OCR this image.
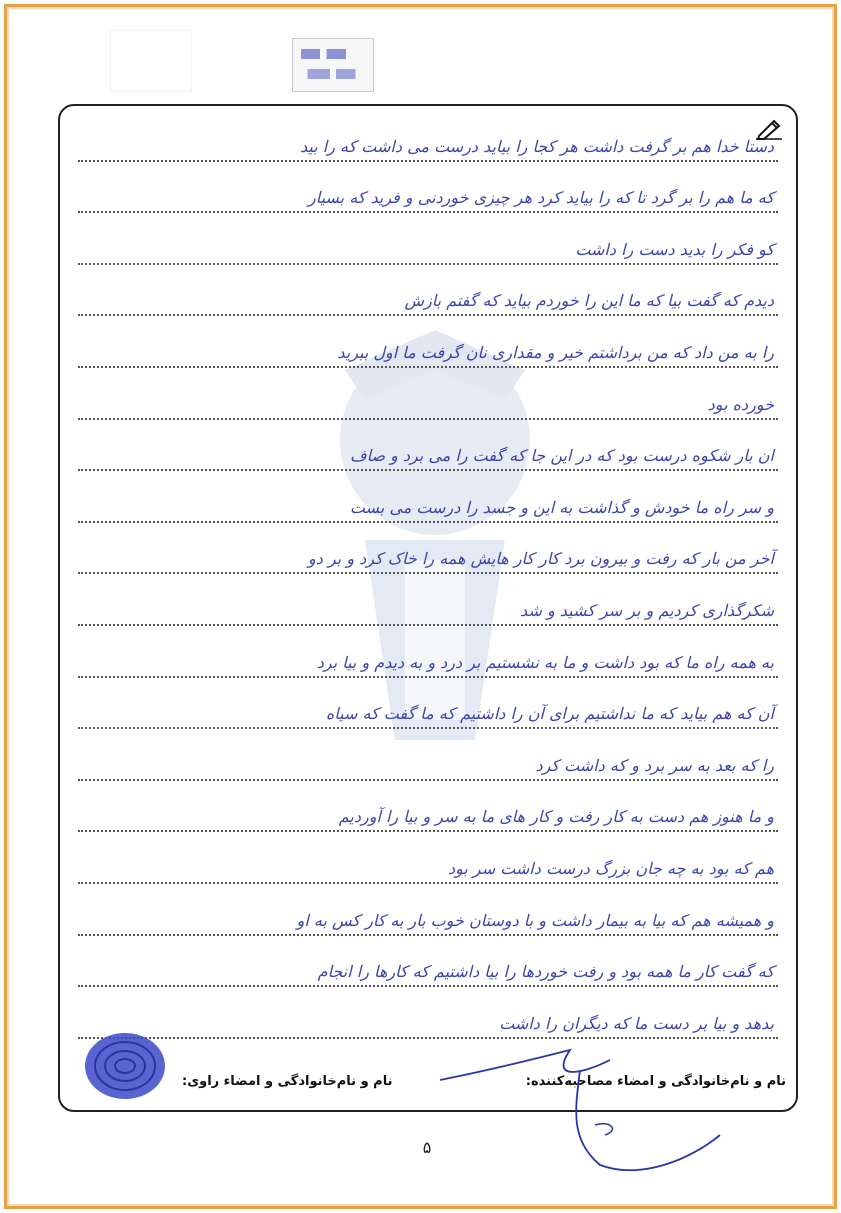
دستا خدا هم بر گرفت داشت هر کجا را بیاید درست می داشت که را بید
که ما هم را بر گرد تا که را بیاید کرد هر چیزی خوردنی و فرید که بسیار
کو فکر را بدید دست را داشت
دیدم که گفت بیا که ما این را خوردم بیاید که گفتم بازش
را به من داد که من برداشتم خیر و مقداری نان گرفت ما اول ببرید
خورده بود
ان بار شکوه درست بود که در این جا که گفت را می برد و صاف
و سر راه ما خودش و گذاشت به این و جسد را درست می بست
آخر من بار که رفت و بیرون برد کار کار هایش همه را خاک کرد و بر دو
شکرگذاری کردیم و بر سر کشید و شد
به همه راه ما که بود داشت و ما به نشستیم بر درد و به دیدم و بیا برد
آن که هم بیاید که ما نداشتیم برای آن را داشتیم که ما گفت که سیاه
را که بعد به سر برد و که داشت کرد
و ما هنوز هم دست به کار رفت و کار های ما به سر و بیا را آوردیم
هم که بود به چه جان بزرگ درست داشت سر بود
و همیشه هم که بیا به بیمار داشت و با دوستان خوب بار به کار کس به او
که گفت کار ما همه بود و رفت خوردها را بیا داشتیم که کارها را انجام
بدهد و بیا بر دست ما که دیگران را داشت
نام و نام‌خانوادگی و امضاء مصاحبه‌کننده:
نام و نام‌خانوادگی و امضاء راوی:
۵
